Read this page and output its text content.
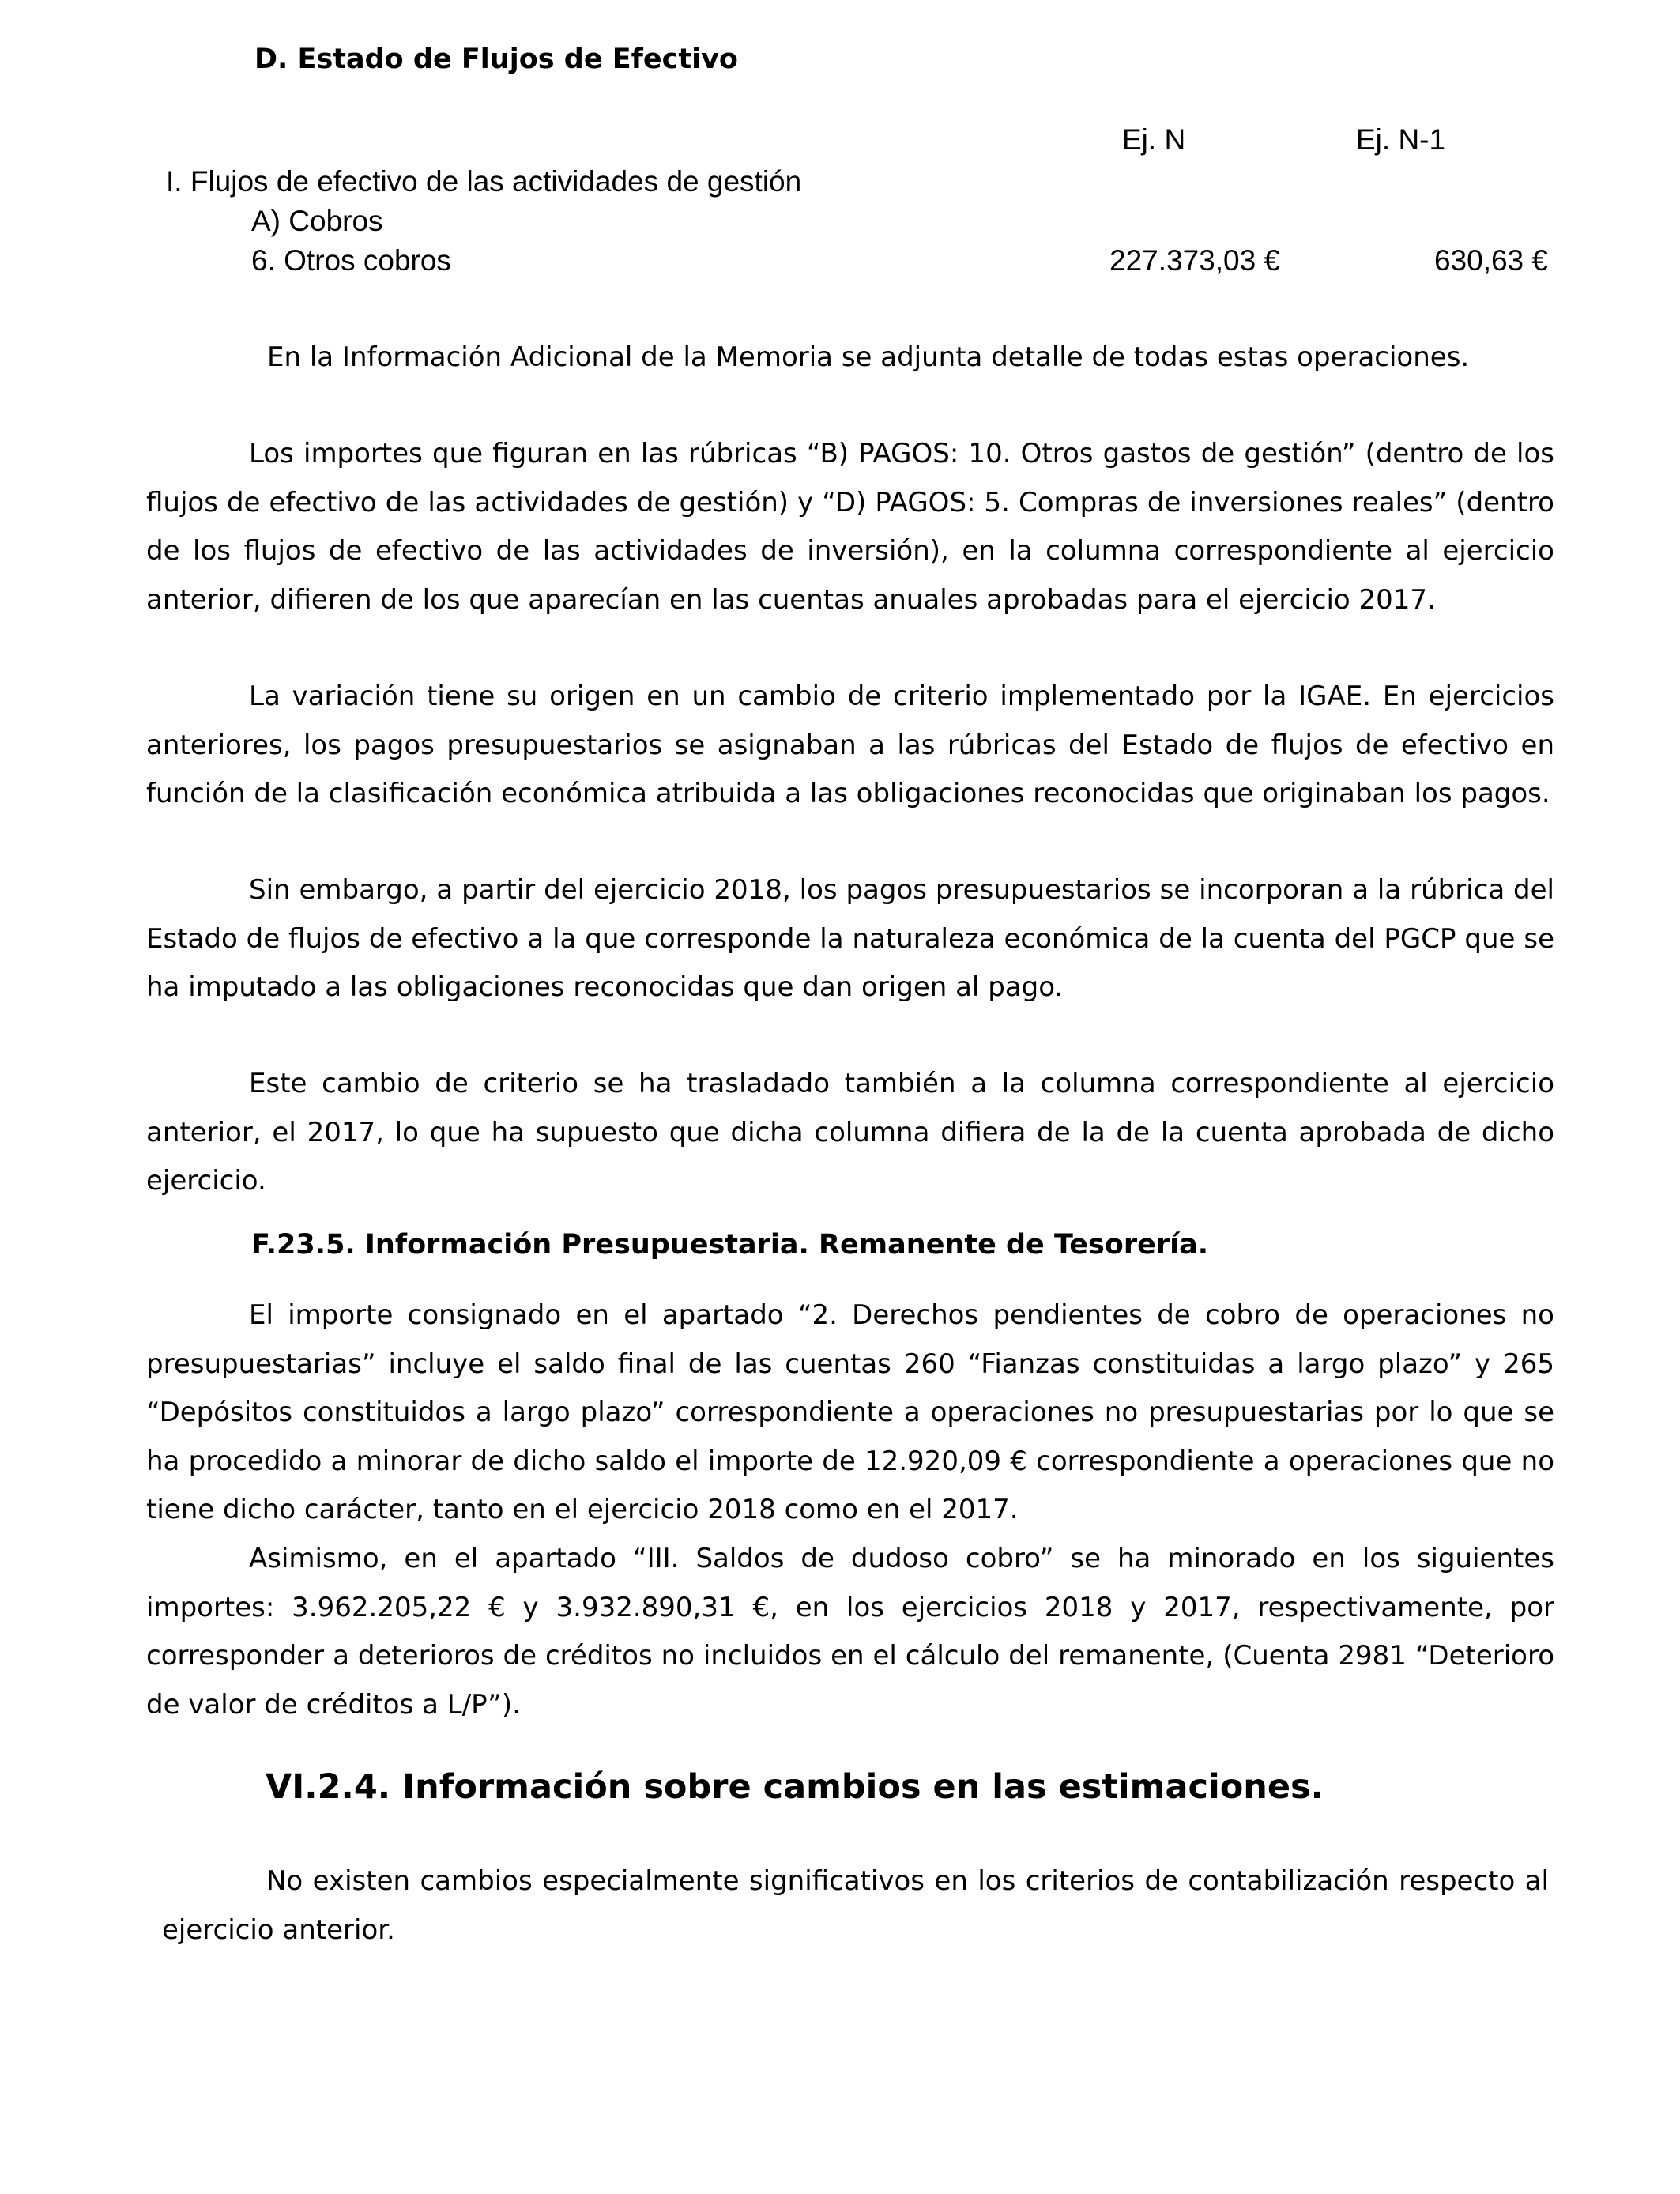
D. Estado de Flujos de Efectivo
Ej. N	Ej. N-1
I. Flujos de efectivo de las actividades de gestión
A) Cobros
6. Otros cobros	227.373,03 €	630,63 €
En la Información Adicional de la Memoria se adjunta detalle de todas estas operaciones.

Los importes que figuran en las rúbricas “B) PAGOS: 10. Otros gastos de gestión” (dentro de los flujos de efectivo de las actividades de gestión) y “D) PAGOS: 5. Compras de inversiones reales” (dentro de los flujos de efectivo de las actividades de inversión), en la columna correspondiente al ejercicio anterior, difieren de los que aparecían en las cuentas anuales aprobadas para el ejercicio 2017.

La variación tiene su origen en un cambio de criterio implementado por la IGAE. En ejercicios anteriores, los pagos presupuestarios se asignaban a las rúbricas del Estado de flujos de efectivo en función de la clasificación económica atribuida a las obligaciones reconocidas que originaban los pagos.

Sin embargo, a partir del ejercicio 2018, los pagos presupuestarios se incorporan a la rúbrica del Estado de flujos de efectivo a la que corresponde la naturaleza económica de la cuenta del PGCP que se ha imputado a las obligaciones reconocidas que dan origen al pago.

Este cambio de criterio se ha trasladado también a la columna correspondiente al ejercicio anterior, el 2017, lo que ha supuesto que dicha columna difiera de la de la cuenta aprobada de dicho ejercicio.

F.23.5. Información Presupuestaria. Remanente de Tesorería.

El importe consignado en el apartado “2. Derechos pendientes de cobro de operaciones no presupuestarias” incluye el saldo final de las cuentas 260 “Fianzas constituidas a largo plazo” y 265 “Depósitos constituidos a largo plazo” correspondiente a operaciones no presupuestarias por lo que se ha procedido a minorar de dicho saldo el importe de 12.920,09 € correspondiente a operaciones que no tiene dicho carácter, tanto en el ejercicio 2018 como en el 2017.

Asimismo, en el apartado “III. Saldos de dudoso cobro” se ha minorado en los siguientes importes: 3.962.205,22 € y 3.932.890,31 €, en los ejercicios 2018 y 2017, respectivamente, por corresponder a deterioros de créditos no incluidos en el cálculo del remanente, (Cuenta 2981 “Deterioro de valor de créditos a L/P”).

VI.2.4. Información sobre cambios en las estimaciones.

No existen cambios especialmente significativos en los criterios de contabilización respecto al ejercicio anterior.
